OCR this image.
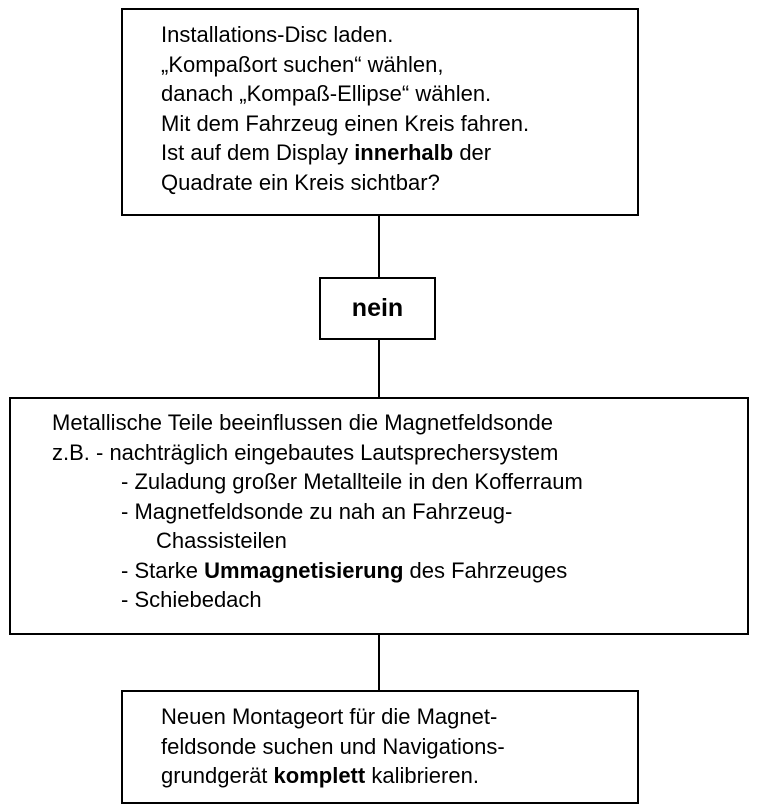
Installations-Disc laden.
„Kompaßort suchen“ wählen,
danach „Kompaß-Ellipse“ wählen.
Mit dem Fahrzeug einen Kreis fahren.
Ist auf dem Display innerhalb der
Quadrate ein Kreis sichtbar?
nein
Metallische Teile beeinflussen die Magnetfeldsonde
z.B. - nachträglich eingebautes Lautsprechersystem
- Zuladung großer Metallteile in den Kofferraum
- Magnetfeldsonde zu nah an Fahrzeug-
Chassisteilen
- Starke Ummagnetisierung des Fahrzeuges
- Schiebedach
Neuen Montageort für die Magnet-
feldsonde suchen und Navigations-
grundgerät komplett kalibrieren.
